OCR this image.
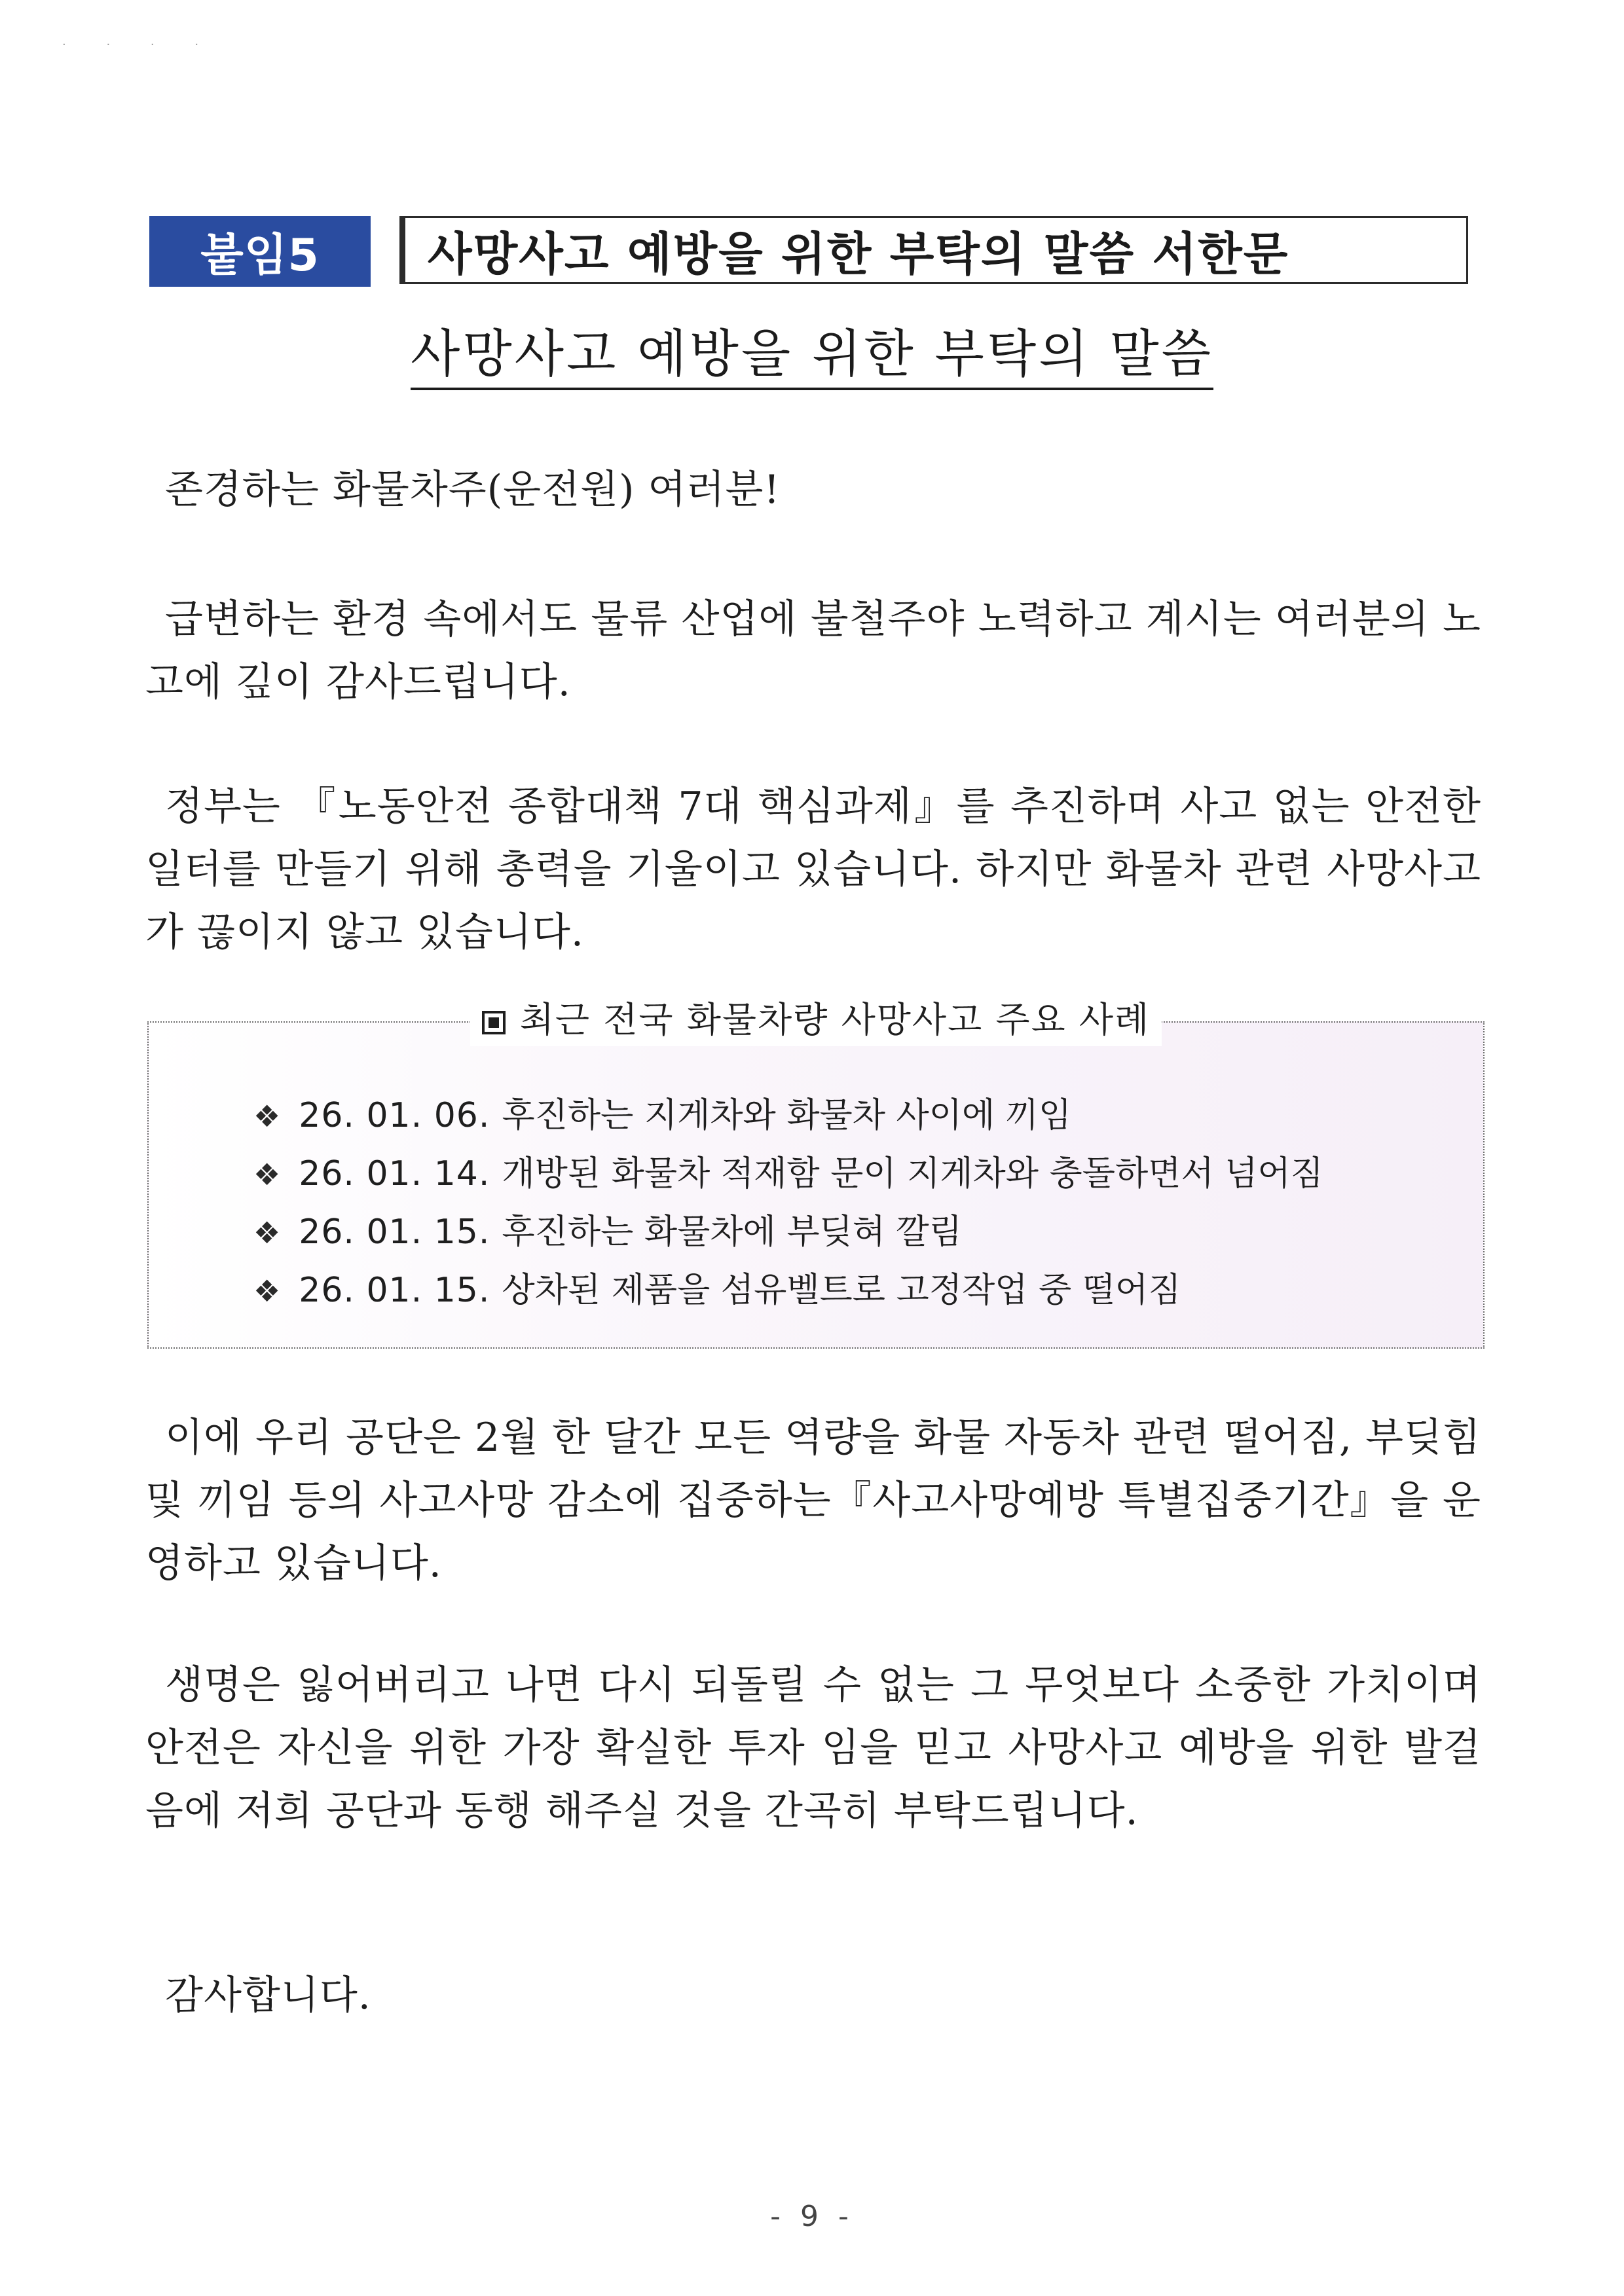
· · · ·
붙임5	사망사고 예방을 위한 부탁의 말씀 서한문
사망사고 예방을 위한 부탁의 말씀
존경하는 화물차주(운전원) 여러분!
급변하는 환경 속에서도 물류 산업에 불철주야 노력하고 계시는 여러분의 노고에 깊이 감사드립니다.
정부는 『노동안전 종합대책 7대 핵심과제』를 추진하며 사고 없는 안전한 일터를 만들기 위해 총력을 기울이고 있습니다. 하지만 화물차 관련 사망사고가 끊이지 않고 있습니다.
최근 전국 화물차량 사망사고 주요 사례
❖ 26. 01. 06. 후진하는 지게차와 화물차 사이에 끼임
❖ 26. 01. 14. 개방된 화물차 적재함 문이 지게차와 충돌하면서 넘어짐
❖ 26. 01. 15. 후진하는 화물차에 부딪혀 깔림
❖ 26. 01. 15. 상차된 제품을 섬유벨트로 고정작업 중 떨어짐
이에 우리 공단은 2월 한 달간 모든 역량을 화물 자동차 관련 떨어짐, 부딪힘 및 끼임 등의 사고사망 감소에 집중하는『사고사망예방 특별집중기간』을 운영하고 있습니다.
생명은 잃어버리고 나면 다시 되돌릴 수 없는 그 무엇보다 소중한 가치이며 안전은 자신을 위한 가장 확실한 투자 임을 믿고 사망사고 예방을 위한 발걸음에 저희 공단과 동행 해주실 것을 간곡히 부탁드립니다.
감사합니다.
- 9 -
